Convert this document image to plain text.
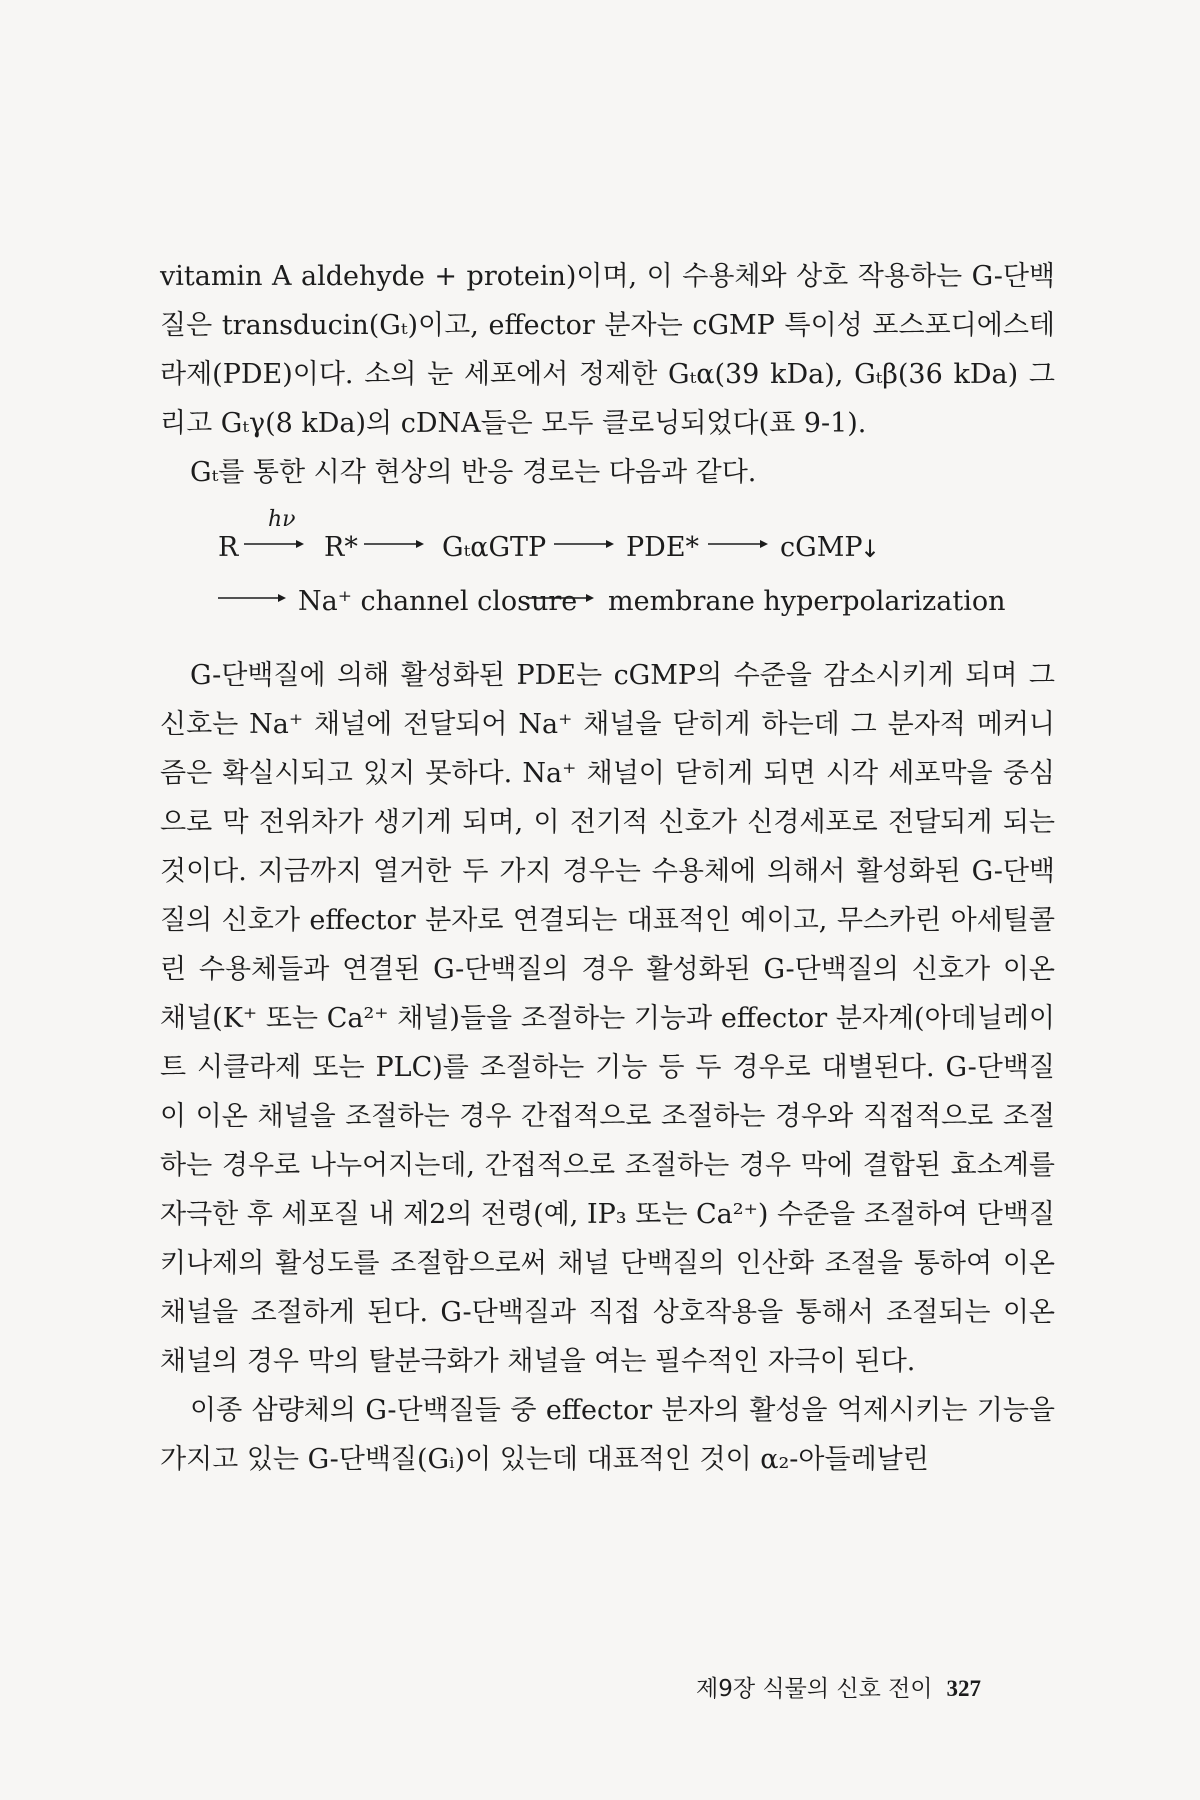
vitamin A aldehyde + protein)이며, 이 수용체와 상호 작용하는 G-단백질은 transducin(Gₜ)이고, effector 분자는 cGMP 특이성 포스포디에스테라제(PDE)이다. 소의 눈 세포에서 정제한 Gₜα(39 kDa), Gₜβ(36 kDa) 그리고 Gₜγ(8 kDa)의 cDNA들은 모두 클로닝되었다(표 9-1).

Gₜ를 통한 시각 현상의 반응 경로는 다음과 같다.

R
hν
R*	GₜαGTP	PDE*	cGMP
↓
Na⁺ channel closure membrane hyperpolarization

G-단백질에 의해 활성화된 PDE는 cGMP의 수준을 감소시키게 되며 그 신호는 Na⁺ 채널에 전달되어 Na⁺ 채널을 닫히게 하는데 그 분자적 메커니즘은 확실시되고 있지 못하다. Na⁺ 채널이 닫히게 되면 시각 세포막을 중심으로 막 전위차가 생기게 되며, 이 전기적 신호가 신경세포로 전달되게 되는 것이다. 지금까지 열거한 두 가지 경우는 수용체에 의해서 활성화된 G-단백질의 신호가 effector 분자로 연결되는 대표적인 예이고, 무스카린 아세틸콜린 수용체들과 연결된 G-단백질의 경우 활성화된 G-단백질의 신호가 이온 채널(K⁺ 또는 Ca²⁺ 채널)들을 조절하는 기능과 effector 분자계(아데닐레이트 시클라제 또는 PLC)를 조절하는 기능 등 두 경우로 대별된다. G-단백질이 이온 채널을 조절하는 경우 간접적으로 조절하는 경우와 직접적으로 조절하는 경우로 나누어지는데, 간접적으로 조절하는 경우 막에 결합된 효소계를 자극한 후 세포질 내 제2의 전령(예, IP₃ 또는 Ca²⁺) 수준을 조절하여 단백질 키나제의 활성도를 조절함으로써 채널 단백질의 인산화 조절을 통하여 이온 채널을 조절하게 된다. G-단백질과 직접 상호작용을 통해서 조절되는 이온 채널의 경우 막의 탈분극화가 채널을 여는 필수적인 자극이 된다.

이종 삼량체의 G-단백질들 중 effector 분자의 활성을 억제시키는 기능을 가지고 있는 G-단백질(Gᵢ)이 있는데 대표적인 것이 α₂-아들레날린

제9장 식물의 신호 전이 327
